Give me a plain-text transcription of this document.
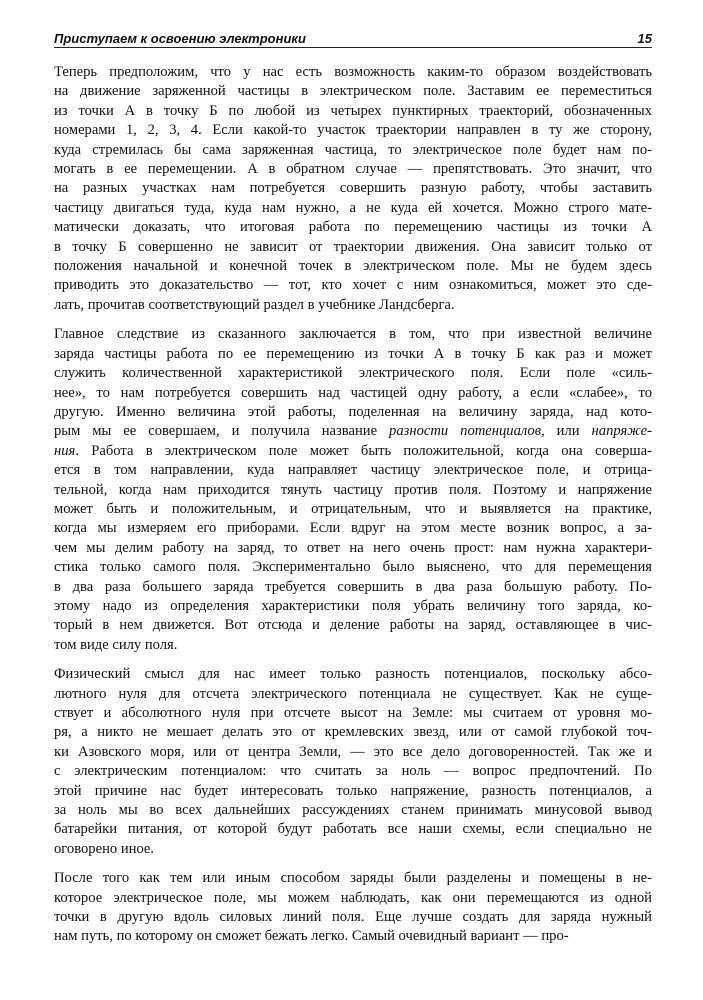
Приступаем к освоению электроники	15
Теперь предположим, что у нас есть возможность каким-то образом воздействовать
на движение заряженной частицы в электрическом поле. Заставим ее переместиться
из точки А в точку Б по любой из четырех пунктирных траекторий, обозначенных
номерами 1, 2, 3, 4. Если какой-то участок траектории направлен в ту же сторону,
куда стремилась бы сама заряженная частица, то электрическое поле будет нам по-
могать в ее перемещении. А в обратном случае — препятствовать. Это значит, что
на разных участках нам потребуется совершить разную работу, чтобы заставить
частицу двигаться туда, куда нам нужно, а не куда ей хочется. Можно строго мате-
матически доказать, что итоговая работа по перемещению частицы из точки А
в точку Б совершенно не зависит от траектории движения. Она зависит только от
положения начальной и конечной точек в электрическом поле. Мы не будем здесь
приводить это доказательство — тот, кто хочет с ним ознакомиться, может это сде-
лать, прочитав соответствующий раздел в учебнике Ландсберга.
Главное следствие из сказанного заключается в том, что при известной величине
заряда частицы работа по ее перемещению из точки А в точку Б как раз и может
служить количественной характеристикой электрического поля. Если поле «силь-
нее», то нам потребуется совершить над частицей одну работу, а если «слабее», то
другую. Именно величина этой работы, поделенная на величину заряда, над кото-
рым мы ее совершаем, и получила название разности потенциалов, или напряже-
ния. Работа в электрическом поле может быть положительной, когда она соверша-
ется в том направлении, куда направляет частицу электрическое поле, и отрица-
тельной, когда нам приходится тянуть частицу против поля. Поэтому и напряжение
может быть и положительным, и отрицательным, что и выявляется на практике,
когда мы измеряем его приборами. Если вдруг на этом месте возник вопрос, а за-
чем мы делим работу на заряд, то ответ на него очень прост: нам нужна характери-
стика только самого поля. Экспериментально было выяснено, что для перемещения
в два раза большего заряда требуется совершить в два раза большую работу. По-
этому надо из определения характеристики поля убрать величину того заряда, ко-
торый в нем движется. Вот отсюда и деление работы на заряд, оставляющее в чис-
том виде силу поля.
Физический смысл для нас имеет только разность потенциалов, поскольку абсо-
лютного нуля для отсчета электрического потенциала не существует. Как не суще-
ствует и абсолютного нуля при отсчете высот на Земле: мы считаем от уровня мо-
ря, а никто не мешает делать это от кремлевских звезд, или от самой глубокой точ-
ки Азовского моря, или от центра Земли, — это все дело договоренностей. Так же и
с электрическим потенциалом: что считать за ноль — вопрос предпочтений. По
этой причине нас будет интересовать только напряжение, разность потенциалов, а
за ноль мы во всех дальнейших рассуждениях станем принимать минусовой вывод
батарейки питания, от которой будут работать все наши схемы, если специально не
оговорено иное.
После того как тем или иным способом заряды были разделены и помещены в не-
которое электрическое поле, мы можем наблюдать, как они перемещаются из одной
точки в другую вдоль силовых линий поля. Еще лучше создать для заряда нужный
нам путь, по которому он сможет бежать легко. Самый очевидный вариант — про-
